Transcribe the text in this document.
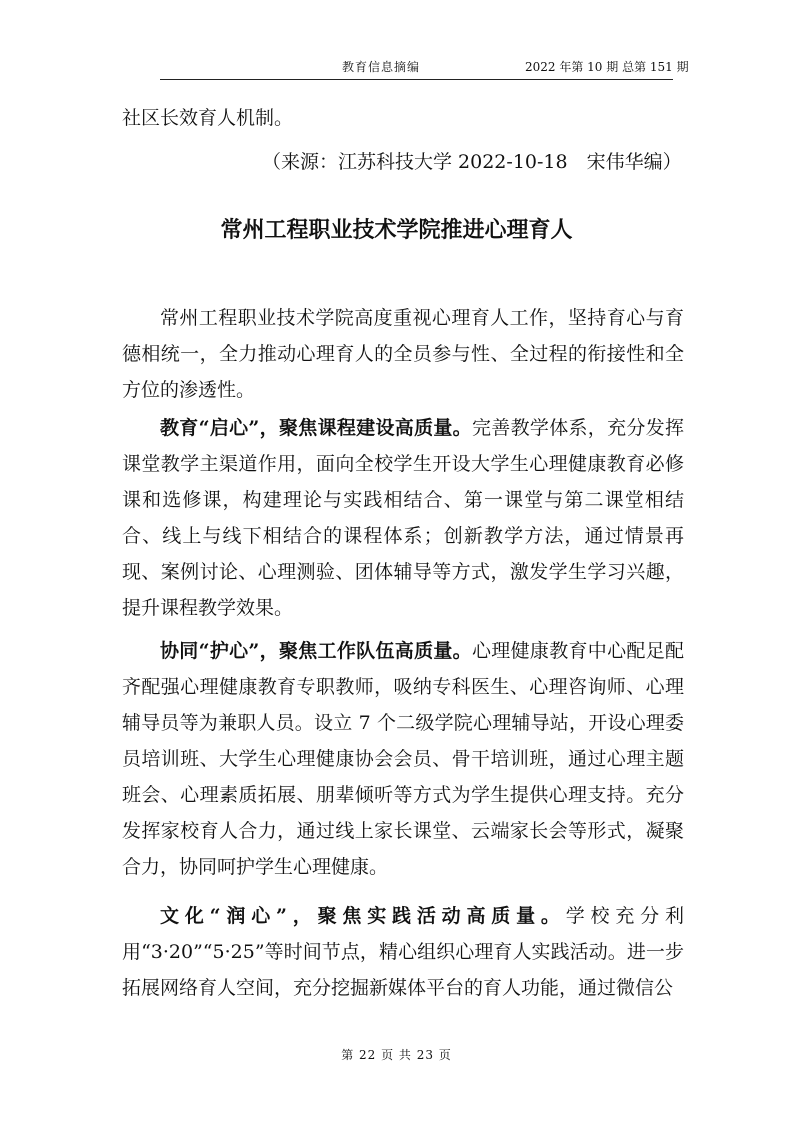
教育信息摘编	2022 年第 10 期 总第 151 期
社区长效育人机制。
（来源：江苏科技大学 2022-10-18　宋伟华编）
常州工程职业技术学院推进心理育人

常州工程职业技术学院高度重视心理育人工作，坚持育心与育德相统一，全力推动心理育人的全员参与性、全过程的衔接性和全方位的渗透性。

教育“启心”，聚焦课程建设高质量。完善教学体系，充分发挥课堂教学主渠道作用，面向全校学生开设大学生心理健康教育必修课和选修课，构建理论与实践相结合、第一课堂与第二课堂相结合、线上与线下相结合的课程体系；创新教学方法，通过情景再现、案例讨论、心理测验、团体辅导等方式，激发学生学习兴趣，提升课程教学效果。

协同“护心”，聚焦工作队伍高质量。心理健康教育中心配足配齐配强心理健康教育专职教师，吸纳专科医生、心理咨询师、心理辅导员等为兼职人员。设立 7 个二级学院心理辅导站，开设心理委员培训班、大学生心理健康协会会员、骨干培训班，通过心理主题班会、心理素质拓展、朋辈倾听等方式为学生提供心理支持。充分发挥家校育人合力，通过线上家长课堂、云端家长会等形式，凝聚合力，协同呵护学生心理健康。

文化“润心”，聚焦实践活动高质量。学校充分利用“3·20”“5·25”等时间节点，精心组织心理育人实践活动。进一步拓展网络育人空间，充分挖掘新媒体平台的育人功能，通过微信公

第 22 页 共 23 页
